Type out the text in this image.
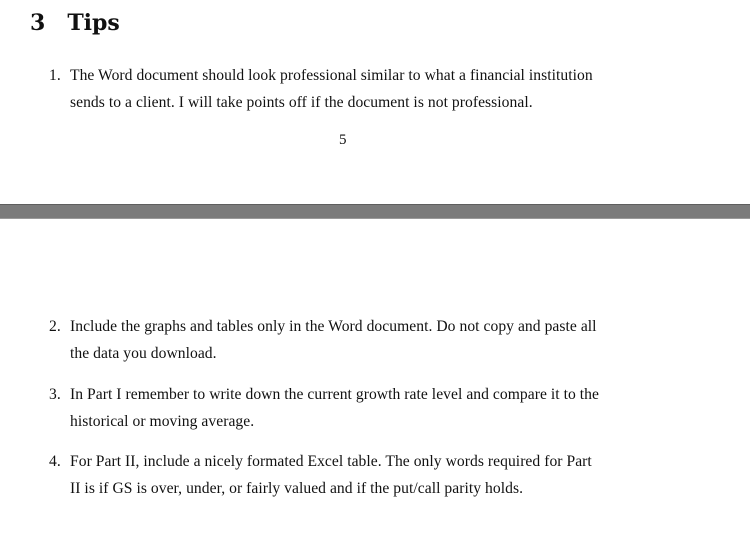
3 Tips
1. The Word document should look professional similar to what a financial institution
sends to a client. I will take points off if the document is not professional.
5
2. Include the graphs and tables only in the Word document. Do not copy and paste all
the data you download.
3. In Part I remember to write down the current growth rate level and compare it to the
historical or moving average.
4. For Part II, include a nicely formated Excel table. The only words required for Part
II is if GS is over, under, or fairly valued and if the put/call parity holds.
